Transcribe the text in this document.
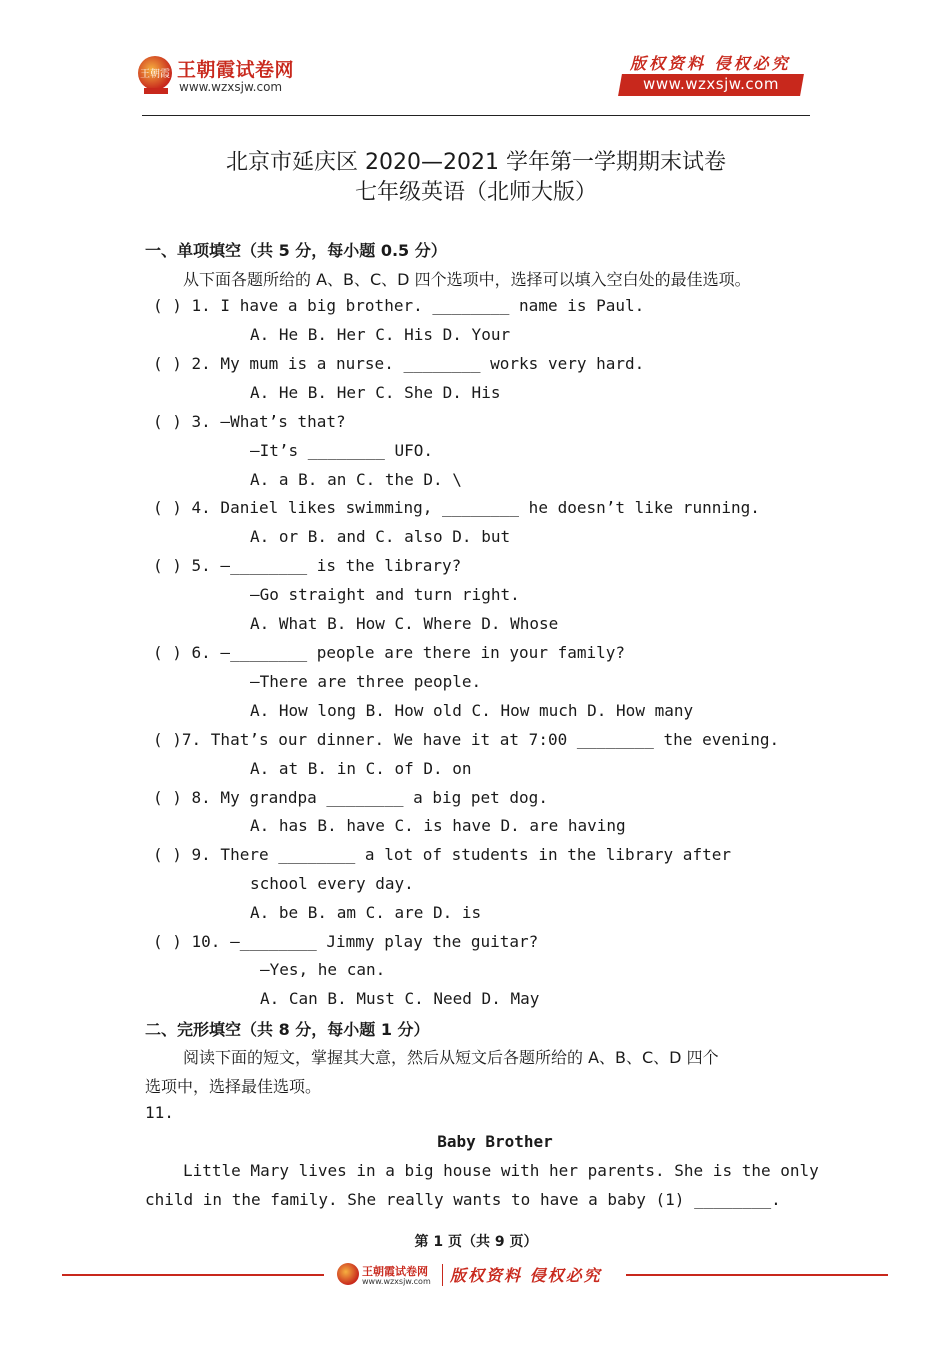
王朝霞 王朝霞试卷网
www.wzxsjw.com
版权资料 侵权必究
www.wzxsjw.com
北京市延庆区 2020—2021 学年第一学期期末试卷
七年级英语（北师大版）
一、单项填空（共 5 分，每小题 0.5 分）
从下面各题所给的 A、B、C、D 四个选项中，选择可以填入空白处的最佳选项。
( ) 1. I have a big brother. ________ name is Paul.
A. He B. Her C. His D. Your
( ) 2. My mum is a nurse. ________ works very hard.
A. He B. Her C. She D. His
( ) 3. —What’s that?
—It’s ________ UFO.
A. a B. an C. the D. \
( ) 4. Daniel likes swimming, ________ he doesn’t like running.
A. or B. and C. also D. but
( ) 5. —________ is the library?
—Go straight and turn right.
A. What B. How C. Where D. Whose
( ) 6. —________ people are there in your family?
—There are three people.
A. How long B. How old C. How much D. How many
( )7. That’s our dinner. We have it at 7:00 ________ the evening.
A. at B. in C. of D. on
( ) 8. My grandpa ________ a big pet dog.
A. has B. have C. is have D. are having
( ) 9. There ________ a lot of students in the library after
school every day.
A. be B. am C. are D. is
( ) 10. —________ Jimmy play the guitar?
—Yes, he can.
A. Can B. Must C. Need D. May
二、完形填空（共 8 分，每小题 1 分）
阅读下面的短文，掌握其大意，然后从短文后各题所给的 A、B、C、D 四个
选项中，选择最佳选项。
11.
Baby Brother
Little Mary lives in a big house with her parents. She is the only
child in the family. She really wants to have a baby (1) ________.
第 1 页（共 9 页）
王朝霞试卷网
www.wzxsjw.com 版权资料 侵权必究
